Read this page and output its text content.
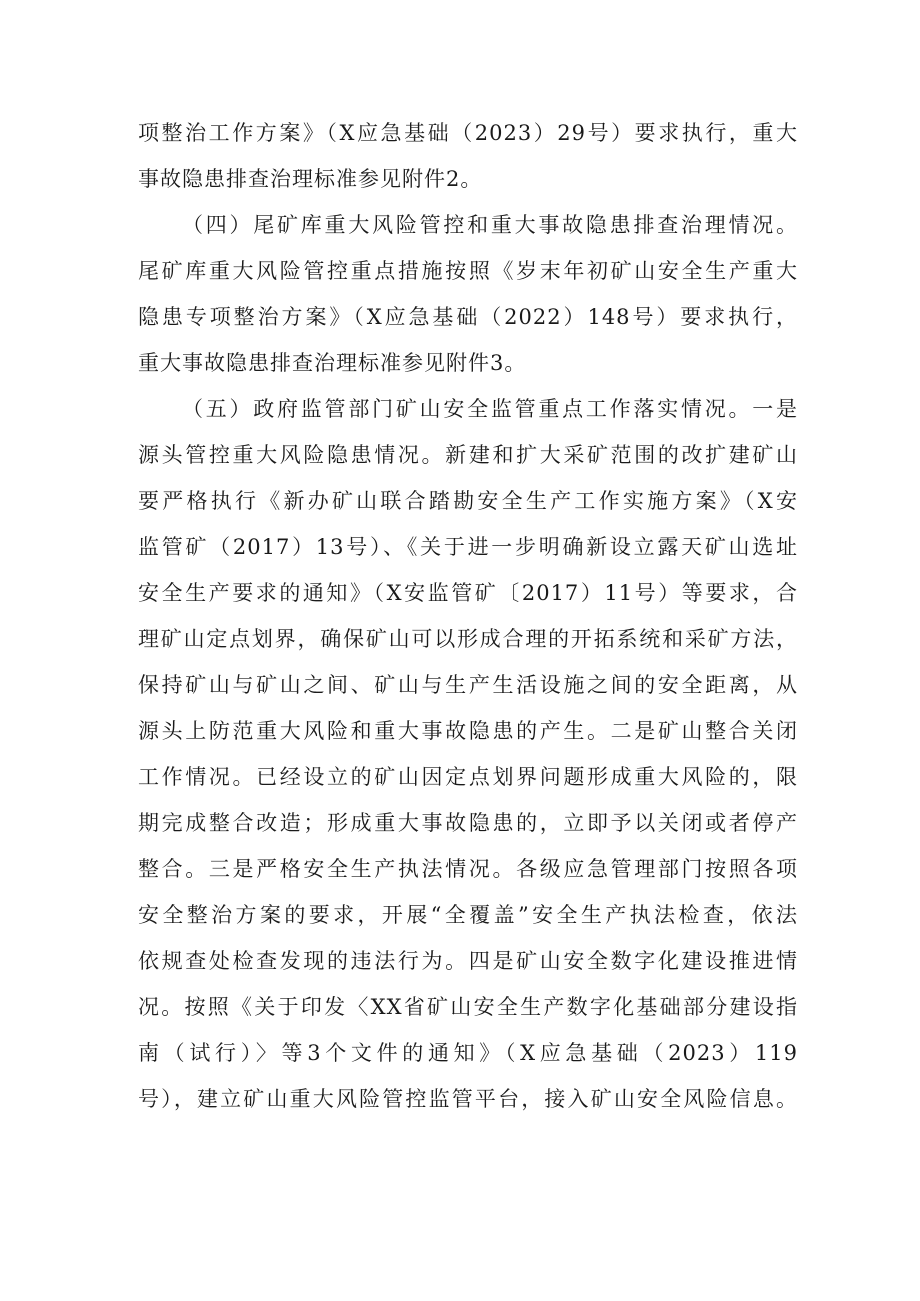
项整治工作方案》（X应急基础（2023）29号）要求执行，重大
事故隐患排查治理标准参见附件2。
（四）尾矿库重大风险管控和重大事故隐患排查治理情况。
尾矿库重大风险管控重点措施按照《岁末年初矿山安全生产重大
隐患专项整治方案》（X应急基础（2022）148号）要求执行，
重大事故隐患排查治理标准参见附件3。
（五）政府监管部门矿山安全监管重点工作落实情况。一是
源头管控重大风险隐患情况。新建和扩大采矿范围的改扩建矿山
要严格执行《新办矿山联合踏勘安全生产工作实施方案》（X安
监管矿（2017）13号）、《关于进一步明确新设立露天矿山选址
安全生产要求的通知》（X安监管矿〔2017）11号）等要求，合
理矿山定点划界，确保矿山可以形成合理的开拓系统和采矿方法，
保持矿山与矿山之间、矿山与生产生活设施之间的安全距离，从
源头上防范重大风险和重大事故隐患的产生。二是矿山整合关闭
工作情况。已经设立的矿山因定点划界问题形成重大风险的，限
期完成整合改造；形成重大事故隐患的，立即予以关闭或者停产
整合。三是严格安全生产执法情况。各级应急管理部门按照各项
安全整治方案的要求，开展“全覆盖”安全生产执法检查，依法
依规查处检查发现的违法行为。四是矿山安全数字化建设推进情
况。按照《关于印发〈XX省矿山安全生产数字化基础部分建设指
南（试行）〉等3个文件的通知》（X应急基础（2023）119
号），建立矿山重大风险管控监管平台，接入矿山安全风险信息。
